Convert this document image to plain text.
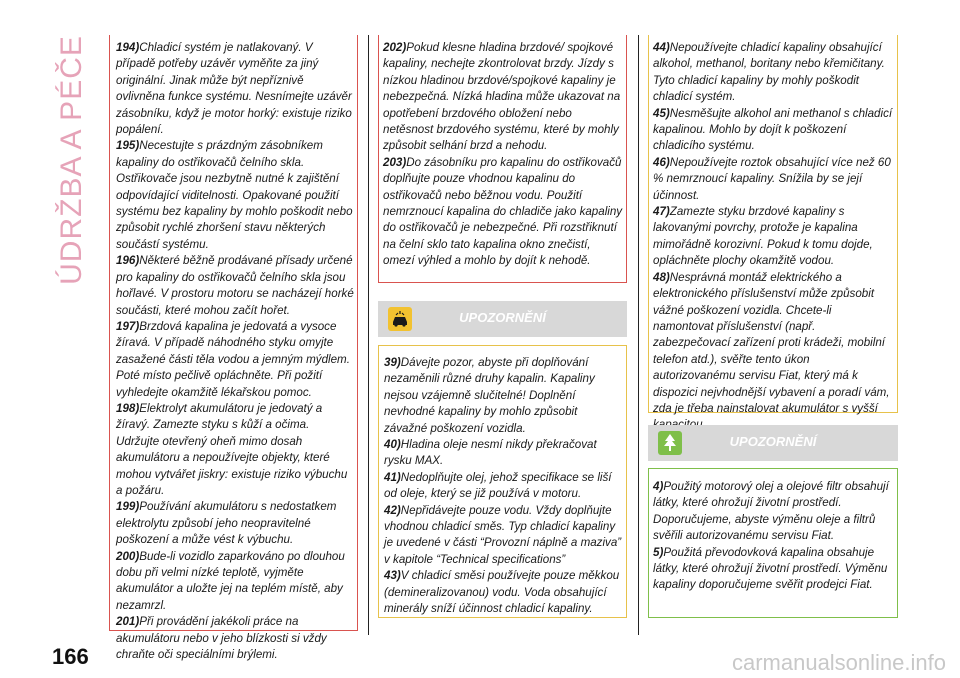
ÚDRŽBA A PÉČE 194)Chladicí systém je natlakovaný. V případě potřeby uzávěr vyměňte za jiný originální. Jinak může být nepříznivě ovlivněna funkce systému. Nesnímejte uzávěr zásobníku, když je motor horký: existuje riziko popálení.

195)Necestujte s prázdným zásobníkem kapaliny do ostřikovačů čelního skla. Ostřikovače jsou nezbytně nutné k zajištění odpovídající viditelnosti. Opakované použití systému bez kapaliny by mohlo poškodit nebo způsobit rychlé zhoršení stavu některých součástí systému.

196)Některé běžně prodávané přísady určené pro kapaliny do ostřikovačů čelního skla jsou hořlavé. V prostoru motoru se nacházejí horké součásti, které mohou začít hořet.

197)Brzdová kapalina je jedovatá a vysoce žíravá. V případě náhodného styku omyjte zasažené části těla vodou a jemným mýdlem. Poté místo pečlivě opláchněte. Při požití vyhledejte okamžitě lékařskou pomoc.

198)Elektrolyt akumulátoru je jedovatý a žíravý. Zamezte styku s kůží a očima. Udržujte otevřený oheň mimo dosah akumulátoru a nepoužívejte objekty, které mohou vytvářet jiskry: existuje riziko výbuchu a požáru.

199)Používání akumulátoru s nedostatkem elektrolytu způsobí jeho neopravitelné poškození a může vést k výbuchu.

200)Bude-li vozidlo zaparkováno po dlouhou dobu při velmi nízké teplotě, vyjměte akumulátor a uložte jej na teplém místě, aby nezamrzl.

201)Při provádění jakékoli práce na akumulátoru nebo v jeho blízkosti si vždy chraňte oči speciálními brýlemi.

202)Pokud klesne hladina brzdové/ spojkové kapaliny, nechejte zkontrolovat brzdy. Jízdy s nízkou hladinou brzdové/spojkové kapaliny je nebezpečná. Nízká hladina může ukazovat na opotřebení brzdového obložení nebo netěsnost brzdového systému, které by mohly způsobit selhání brzd a nehodu.

203)Do zásobníku pro kapalinu do ostřikovačů doplňujte pouze vhodnou kapalinu do ostřikovačů nebo běžnou vodu. Použití nemrznoucí kapalina do chladiče jako kapaliny do ostřikovačů je nebezpečné. Při rozstřiknutí na čelní sklo tato kapalina okno znečistí, omezí výhled a mohlo by dojít k nehodě.

UPOZORNĚNÍ

39)Dávejte pozor, abyste při doplňování nezaměnili různé druhy kapalin. Kapaliny nejsou vzájemně slučitelné! Doplnění nevhodné kapaliny by mohlo způsobit závažné poškození vozidla.

40)Hladina oleje nesmí nikdy překračovat rysku MAX.

41)Nedoplňujte olej, jehož specifikace se liší od oleje, který se již používá v motoru.

42)Nepřidávejte pouze vodu. Vždy doplňujte vhodnou chladicí směs. Typ chladicí kapaliny je uvedené v části “Provozní náplně a maziva” v kapitole “Technical specifications”

43)V chladicí směsi používejte pouze měkkou (demineralizovanou) vodu. Voda obsahující minerály sníží účinnost chladicí kapaliny.

44)Nepoužívejte chladicí kapaliny obsahující alkohol, methanol, boritany nebo křemičitany. Tyto chladicí kapaliny by mohly poškodit chladicí systém.

45)Nesměšujte alkohol ani methanol s chladicí kapalinou. Mohlo by dojít k poškození chladicího systému.

46)Nepoužívejte roztok obsahující více než 60 % nemrznoucí kapaliny. Snížila by se její účinnost.

47)Zamezte styku brzdové kapaliny s lakovanými povrchy, protože je kapalina mimořádně korozivní. Pokud k tomu dojde, opláchněte plochy okamžitě vodou.

48)Nesprávná montáž elektrického a elektronického příslušenství může způsobit vážné poškození vozidla. Chcete-li namontovat příslušenství (např. zabezpečovací zařízení proti krádeži, mobilní telefon atd.), svěřte tento úkon autorizovanému servisu Fiat, který má k dispozici nejvhodnější vybavení a poradí vám, zda je třeba nainstalovat akumulátor s vyšší

UPOZORNĚNÍ

4)Použitý motorový olej a olejové filtr obsahují látky, které ohrožují životní prostředí. Doporučujeme, abyste výměnu oleje a filtrů svěřili autorizovanému servisu Fiat.

5)Použitá převodovková kapalina obsahuje látky, které ohrožují životní prostředí. Výměnu kapaliny doporučujeme svěřit prodejci Fiat.

166	carmanualsonline.info
